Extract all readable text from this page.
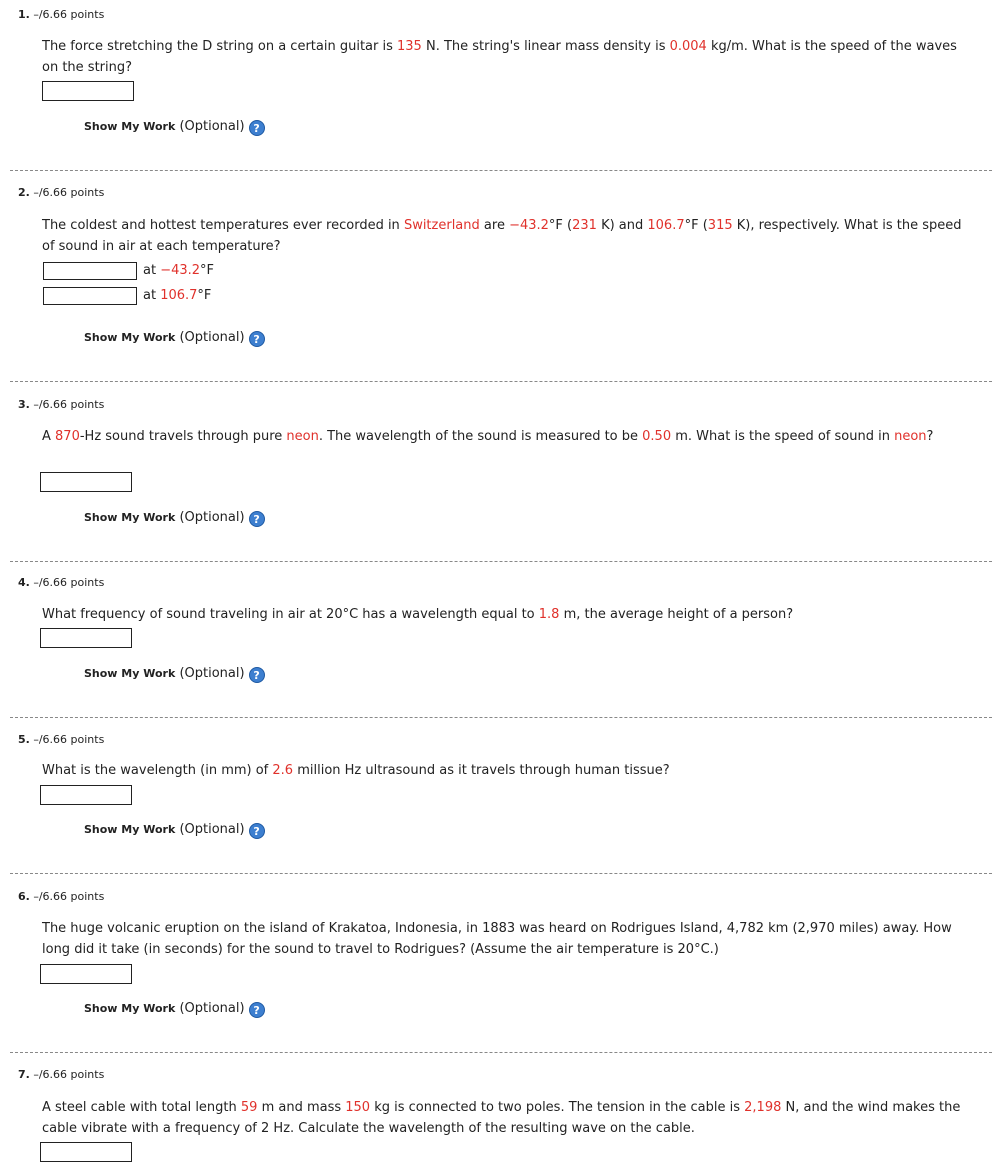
1. –/6.66 points
The force stretching the D string on a certain guitar is 135 N. The string's linear mass density is 0.004 kg/m. What is the speed of the waves on the string?
Show My Work (Optional) ?
2. –/6.66 points
The coldest and hottest temperatures ever recorded in Switzerland are −43.2°F (231 K) and 106.7°F (315 K), respectively. What is the speed of sound in air at each temperature?
at −43.2°F
at 106.7°F
Show My Work (Optional) ?
3. –/6.66 points
A 870-Hz sound travels through pure neon. The wavelength of the sound is measured to be 0.50 m. What is the speed of sound in neon?
Show My Work (Optional) ?
4. –/6.66 points
What frequency of sound traveling in air at 20°C has a wavelength equal to 1.8 m, the average height of a person?
Show My Work (Optional) ?
5. –/6.66 points
What is the wavelength (in mm) of 2.6 million Hz ultrasound as it travels through human tissue?
Show My Work (Optional) ?
6. –/6.66 points
The huge volcanic eruption on the island of Krakatoa, Indonesia, in 1883 was heard on Rodrigues Island, 4,782 km (2,970 miles) away. How long did it take (in seconds) for the sound to travel to Rodrigues? (Assume the air temperature is 20°C.)
Show My Work (Optional) ?
7. –/6.66 points
A steel cable with total length 59 m and mass 150 kg is connected to two poles. The tension in the cable is 2,198 N, and the wind makes the cable vibrate with a frequency of 2 Hz. Calculate the wavelength of the resulting wave on the cable.
